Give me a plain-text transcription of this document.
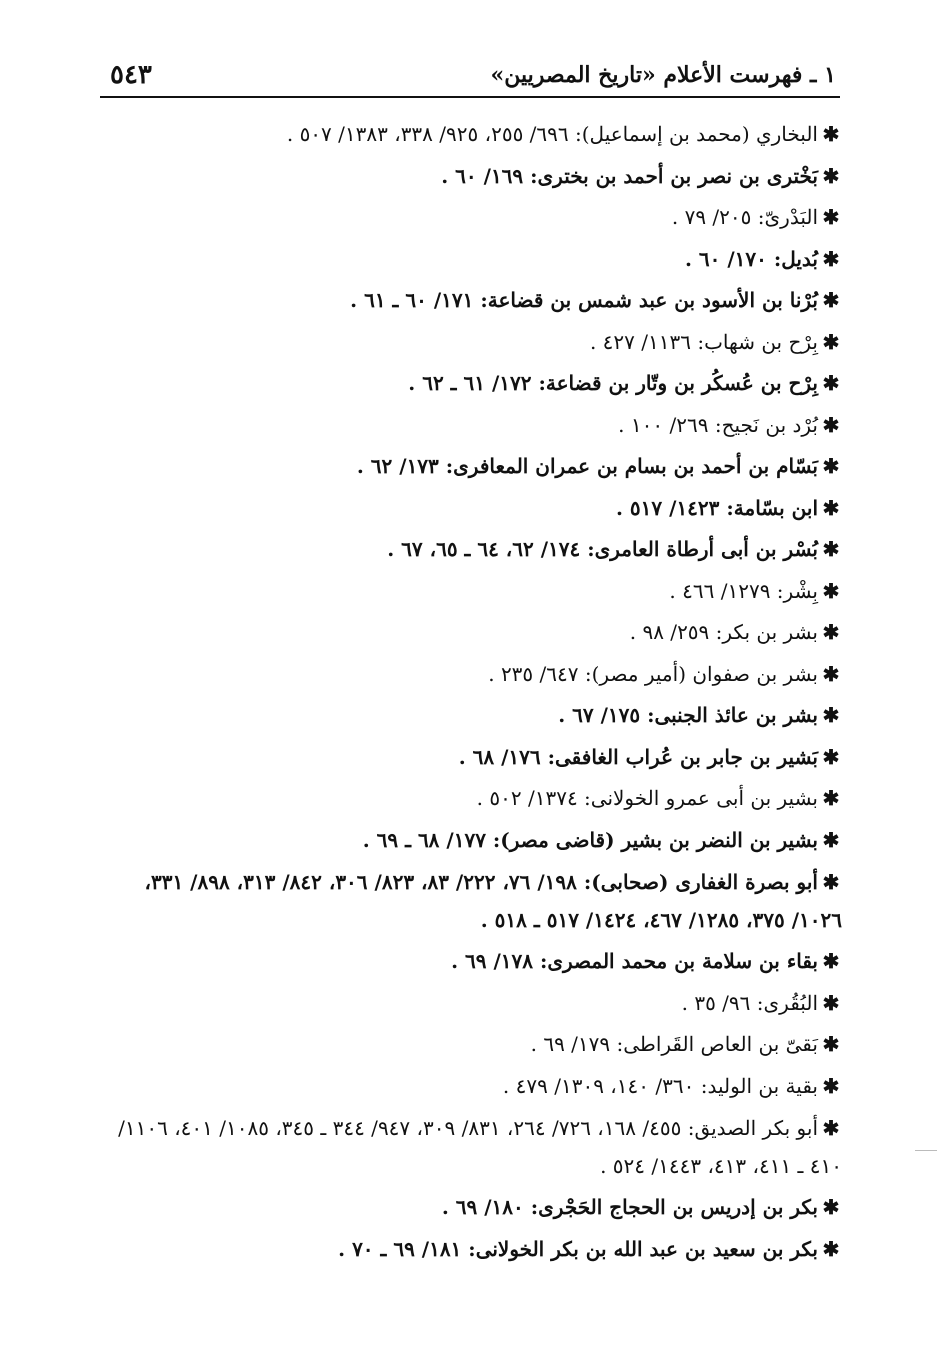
٥٤٣	١ ـ فهرست الأعلام «تاريخ المصريين»
✱البخاري (محمد بن إسماعيل): ٦٩٦/ ٢٥٥، ٩٢٥/ ٣٣٨، ١٣٨٣/ ٥٠٧ .
✱بَخْترى بن نصر بن أحمد بن بخترى: ١٦٩/ ٦٠ .
✱البَدْرىّ: ٢٠٥/ ٧٩ .
✱بُديل: ١٧٠/ ٦٠ .
✱بُرْنا بن الأسود بن عبد شمس بن قضاعة: ١٧١/ ٦٠ ـ ٦١ .
✱بِرْح بن شهاب: ١١٣٦/ ٤٢٧ .
✱بِرْح بن عُسكُر بن وتّار بن قضاعة: ١٧٢/ ٦١ ـ ٦٢ .
✱بُرْد بن نَجيح: ٢٦٩/ ١٠٠ .
✱بَسّام بن أحمد بن بسام بن عمران المعافرى: ١٧٣/ ٦٢ .
✱ابن بسّامة: ١٤٢٣/ ٥١٧ .
✱بُسْر بن أبى أرطاة العامرى: ١٧٤/ ٦٢، ٦٤ ـ ٦٥، ٦٧ .
✱بِشْر: ١٢٧٩/ ٤٦٦ .
✱بشر بن بكر: ٢٥٩/ ٩٨ .
✱بشر بن صفوان (أمير مصر): ٦٤٧/ ٢٣٥ .
✱بشر بن عائذ الجنبى: ١٧٥/ ٦٧ .
✱بَشير بن جابر بن عُراب الغافقى: ١٧٦/ ٦٨ .
✱بشير بن أبى عمرو الخولانى: ١٣٧٤/ ٥٠٢ .
✱بشير بن النضر بن بشير (قاضى مصر): ١٧٧/ ٦٨ ـ ٦٩ .
✱أبو بصرة الغفارى (صحابى): ١٩٨/ ٧٦، ٢٢٢/ ٨٣، ٨٢٣/ ٣٠٦، ٨٤٢/ ٣١٣، ٨٩٨/ ٣٣١، ١٠٢٦/ ٣٧٥، ١٢٨٥/ ٤٦٧، ١٤٢٤/ ٥١٧ ـ ٥١٨ .
✱بقاء بن سلامة بن محمد المصرى: ١٧٨/ ٦٩ .
✱البُقُرى: ٩٦/ ٣٥ .
✱بَقىّ بن العاص القَراطى: ١٧٩/ ٦٩ .
✱بقية بن الوليد: ٣٦٠/ ١٤٠، ١٣٠٩/ ٤٧٩ .
✱أبو بكر الصديق: ٤٥٥/ ١٦٨، ٧٢٦/ ٢٦٤، ٨٣١/ ٣٠٩، ٩٤٧/ ٣٤٤ ـ ٣٤٥، ١٠٨٥/ ٤٠١، ١١٠٦/ ٤١٠ ـ ٤١١، ٤١٣، ١٤٤٣/ ٥٢٤ .
✱بكر بن إدريس بن الحجاج الحَجْرى: ١٨٠/ ٦٩ .
✱بكر بن سعيد بن عبد الله بن بكر الخولانى: ١٨١/ ٦٩ ـ ٧٠ .
